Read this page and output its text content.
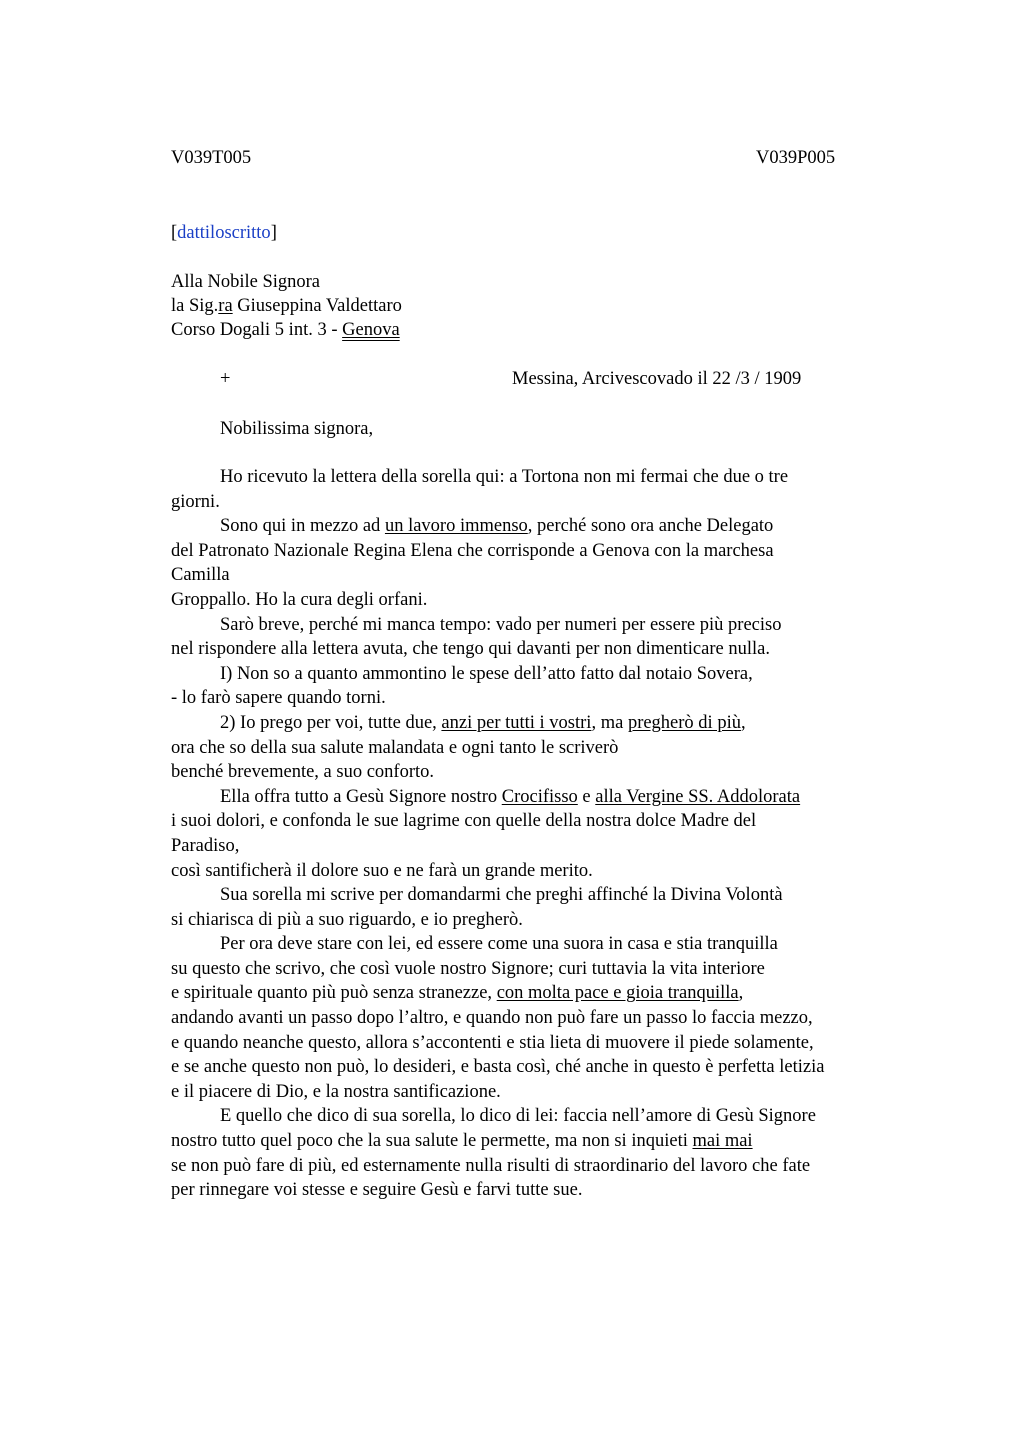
V039T005	V039P005
[dattiloscritto]
Alla Nobile Signora
la Sig.ra Giuseppina Valdettaro
Corso Dogali 5 int. 3 - Genova
+	Messina, Arcivescovado il 22 /3 / 1909
Nobilissima signora,
Ho ricevuto la lettera della sorella qui: a Tortona non mi fermai che due o tre
giorni.
Sono qui in mezzo ad un lavoro immenso, perché sono ora anche Delegato
del Patronato Nazionale Regina Elena che corrisponde a Genova con la marchesa
Camilla
Groppallo. Ho la cura degli orfani.
Sarò breve, perché mi manca tempo: vado per numeri per essere più preciso
nel rispondere alla lettera avuta, che tengo qui davanti per non dimenticare nulla.
I) Non so a quanto ammontino le spese dell’atto fatto dal notaio Sovera,
- lo farò sapere quando torni.
2) Io prego per voi, tutte due, anzi per tutti i vostri, ma pregherò di più,
ora che so della sua salute malandata e ogni tanto le scriverò
benché brevemente, a suo conforto.
Ella offra tutto a Gesù Signore nostro Crocifisso e alla Vergine SS. Addolorata
i suoi dolori, e confonda le sue lagrime con quelle della nostra dolce Madre del
Paradiso,
così santificherà il dolore suo e ne farà un grande merito.
Sua sorella mi scrive per domandarmi che preghi affinché la Divina Volontà
si chiarisca di più a suo riguardo, e io pregherò.
Per ora deve stare con lei, ed essere come una suora in casa e stia tranquilla
su questo che scrivo, che così vuole nostro Signore; curi tuttavia la vita interiore
e spirituale quanto più può senza stranezze, con molta pace e gioia tranquilla,
andando avanti un passo dopo l’altro, e quando non può fare un passo lo faccia mezzo,
e quando neanche questo, allora s’accontenti e stia lieta di muovere il piede solamente,
e se anche questo non può, lo desideri, e basta così, ché anche in questo è perfetta letizia
e il piacere di Dio, e la nostra santificazione.
E quello che dico di sua sorella, lo dico di lei: faccia nell’amore di Gesù Signore
nostro tutto quel poco che la sua salute le permette, ma non si inquieti mai mai
se non può fare di più, ed esternamente nulla risulti di straordinario del lavoro che fate
per rinnegare voi stesse e seguire Gesù e farvi tutte sue.
